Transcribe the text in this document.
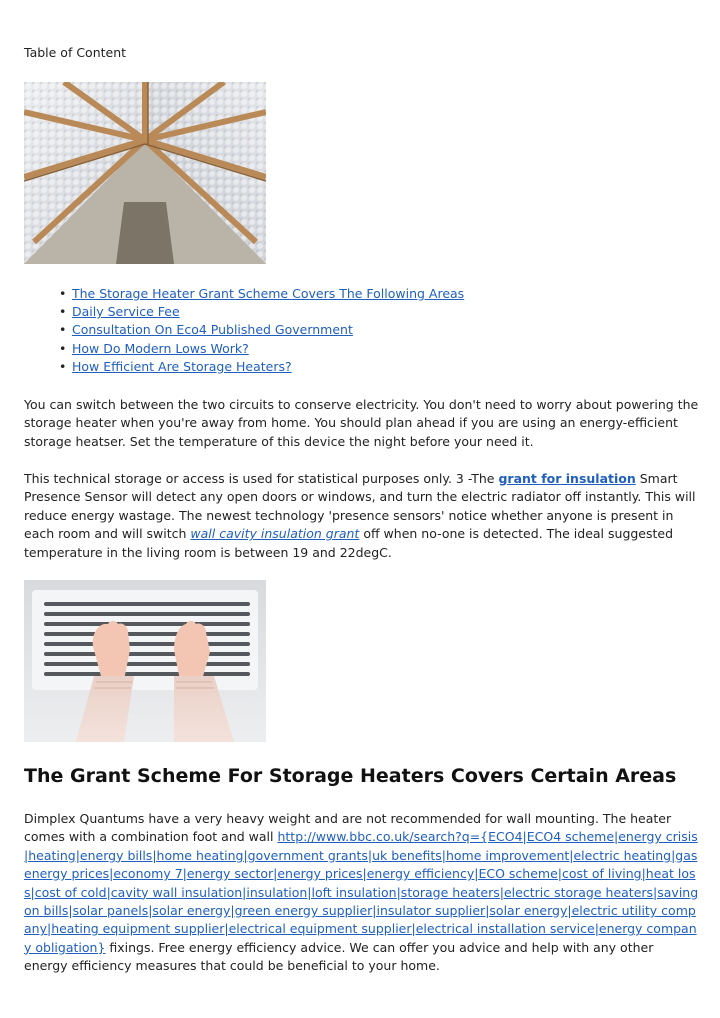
Table of Content
• The Storage Heater Grant Scheme Covers The Following Areas
• Daily Service Fee
• Consultation On Eco4 Published Government
• How Do Modern Lows Work?
• How Efficient Are Storage Heaters?

You can switch between the two circuits to conserve electricity. You don't need to worry about powering the storage heater when you're away from home. You should plan ahead if you are using an energy-efficient storage heatser. Set the temperature of this device the night before your need it.

This technical storage or access is used for statistical purposes only. 3 -The grant for insulation Smart Presence Sensor will detect any open doors or windows, and turn the electric radiator off instantly. This will reduce energy wastage. The newest technology 'presence sensors' notice whether anyone is present in each room and will switch wall cavity insulation grant off when no-one is detected. The ideal suggested temperature in the living room is between 19 and 22degC.

The Grant Scheme For Storage Heaters Covers Certain Areas

Dimplex Quantums have a very heavy weight and are not recommended for wall mounting. The heater comes with a combination foot and wall http://www.bbc.co.uk/search?q={ECO4|ECO4 scheme|energy crisis|heating|energy bills|home heating|government grants|uk benefits|home improvement|electric heating|gas energy prices|economy 7|energy sector|energy prices|energy efficiency|ECO scheme|cost of living|heat loss|cost of cold|cavity wall insulation|insulation|loft insulation|storage heaters|electric storage heaters|saving on bills|solar panels|solar energy|green energy supplier|insulator supplier|solar energy|electric utility company|heating equipment supplier|electrical equipment supplier|electrical installation service|energy company obligation} fixings. Free energy efficiency advice. We can offer you advice and help with any other energy efficiency measures that could be beneficial to your home.
